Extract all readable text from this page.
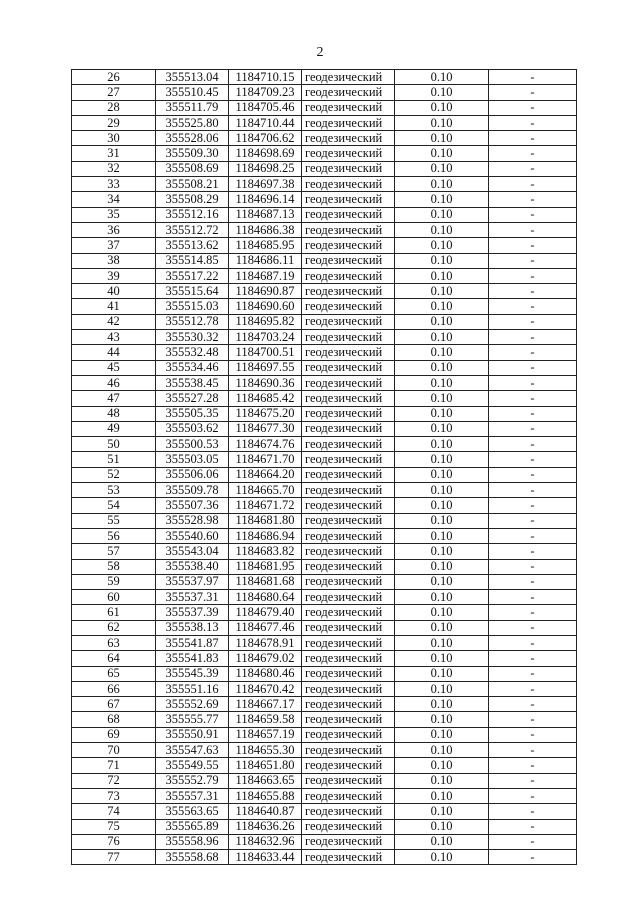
2
26	355513.04	1184710.15	геодезический	0.10	-
27	355510.45	1184709.23	геодезический	0.10	-
28	355511.79	1184705.46	геодезический	0.10	-
29	355525.80	1184710.44	геодезический	0.10	-
30	355528.06	1184706.62	геодезический	0.10	-
31	355509.30	1184698.69	геодезический	0.10	-
32	355508.69	1184698.25	геодезический	0.10	-
33	355508.21	1184697.38	геодезический	0.10	-
34	355508.29	1184696.14	геодезический	0.10	-
35	355512.16	1184687.13	геодезический	0.10	-
36	355512.72	1184686.38	геодезический	0.10	-
37	355513.62	1184685.95	геодезический	0.10	-
38	355514.85	1184686.11	геодезический	0.10	-
39	355517.22	1184687.19	геодезический	0.10	-
40	355515.64	1184690.87	геодезический	0.10	-
41	355515.03	1184690.60	геодезический	0.10	-
42	355512.78	1184695.82	геодезический	0.10	-
43	355530.32	1184703.24	геодезический	0.10	-
44	355532.48	1184700.51	геодезический	0.10	-
45	355534.46	1184697.55	геодезический	0.10	-
46	355538.45	1184690.36	геодезический	0.10	-
47	355527.28	1184685.42	геодезический	0.10	-
48	355505.35	1184675.20	геодезический	0.10	-
49	355503.62	1184677.30	геодезический	0.10	-
50	355500.53	1184674.76	геодезический	0.10	-
51	355503.05	1184671.70	геодезический	0.10	-
52	355506.06	1184664.20	геодезический	0.10	-
53	355509.78	1184665.70	геодезический	0.10	-
54	355507.36	1184671.72	геодезический	0.10	-
55	355528.98	1184681.80	геодезический	0.10	-
56	355540.60	1184686.94	геодезический	0.10	-
57	355543.04	1184683.82	геодезический	0.10	-
58	355538.40	1184681.95	геодезический	0.10	-
59	355537.97	1184681.68	геодезический	0.10	-
60	355537.31	1184680.64	геодезический	0.10	-
61	355537.39	1184679.40	геодезический	0.10	-
62	355538.13	1184677.46	геодезический	0.10	-
63	355541.87	1184678.91	геодезический	0.10	-
64	355541.83	1184679.02	геодезический	0.10	-
65	355545.39	1184680.46	геодезический	0.10	-
66	355551.16	1184670.42	геодезический	0.10	-
67	355552.69	1184667.17	геодезический	0.10	-
68	355555.77	1184659.58	геодезический	0.10	-
69	355550.91	1184657.19	геодезический	0.10	-
70	355547.63	1184655.30	геодезический	0.10	-
71	355549.55	1184651.80	геодезический	0.10	-
72	355552.79	1184663.65	геодезический	0.10	-
73	355557.31	1184655.88	геодезический	0.10	-
74	355563.65	1184640.87	геодезический	0.10	-
75	355565.89	1184636.26	геодезический	0.10	-
76	355558.96	1184632.96	геодезический	0.10	-
77	355558.68	1184633.44	геодезический	0.10	-
